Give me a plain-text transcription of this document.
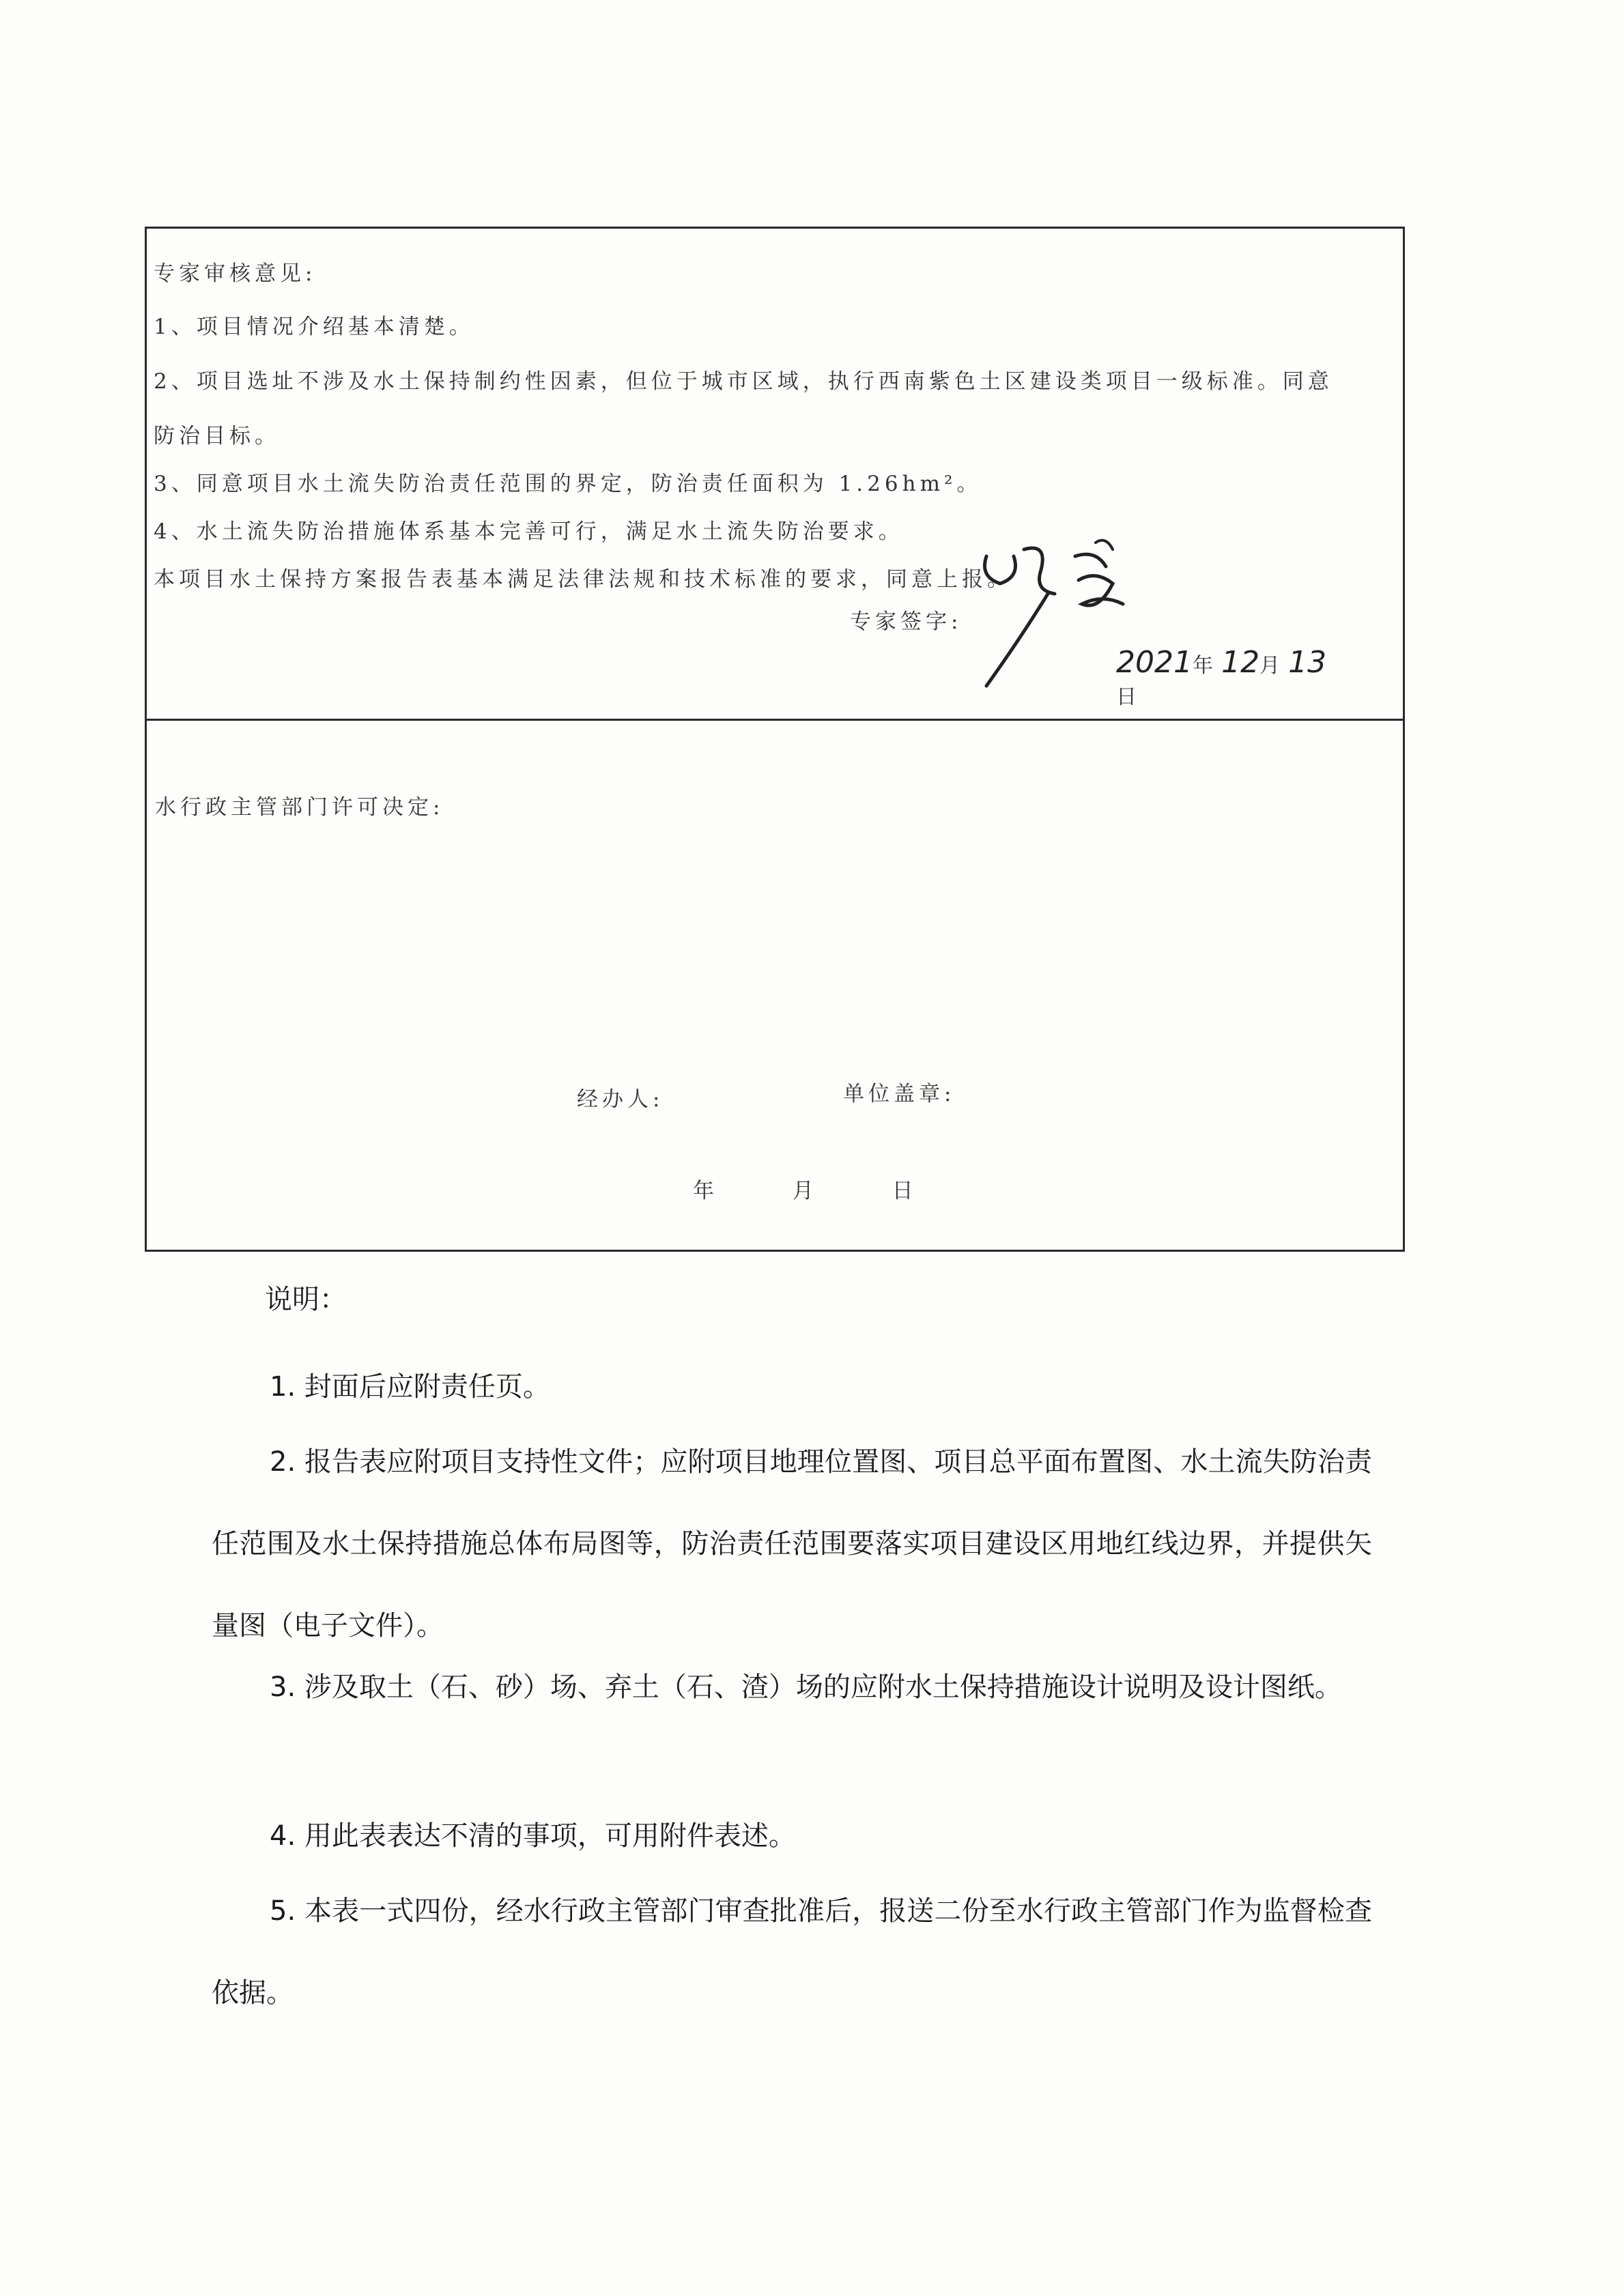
专家审核意见:
1、项目情况介绍基本清楚。
2、项目选址不涉及水土保持制约性因素，但位于城市区域，执行西南紫色土区建设类项目一级标准。同意
防治目标。
3、同意项目水土流失防治责任范围的界定，防治责任面积为 1.26hm²。
4、水土流失防治措施体系基本完善可行，满足水土流失防治要求。
本项目水土保持方案报告表基本满足法律法规和技术标准的要求，同意上报。
专家签字:
2021年 12月 13日
水行政主管部门许可决定:
经办人:	单位盖章:
年        月        日
说明：
1. 封面后应附责任页。
2. 报告表应附项目支持性文件；应附项目地理位置图、项目总平面布置图、水土流失防治责任范围及水土保持措施总体布局图等，防治责任范围要落实项目建设区用地红线边界，并提供矢量图（电子文件）。
3. 涉及取土（石、砂）场、弃土（石、渣）场的应附水土保持措施设计说明及设计图纸。
4. 用此表表达不清的事项，可用附件表述。
5. 本表一式四份，经水行政主管部门审查批准后，报送二份至水行政主管部门作为监督检查依据。
